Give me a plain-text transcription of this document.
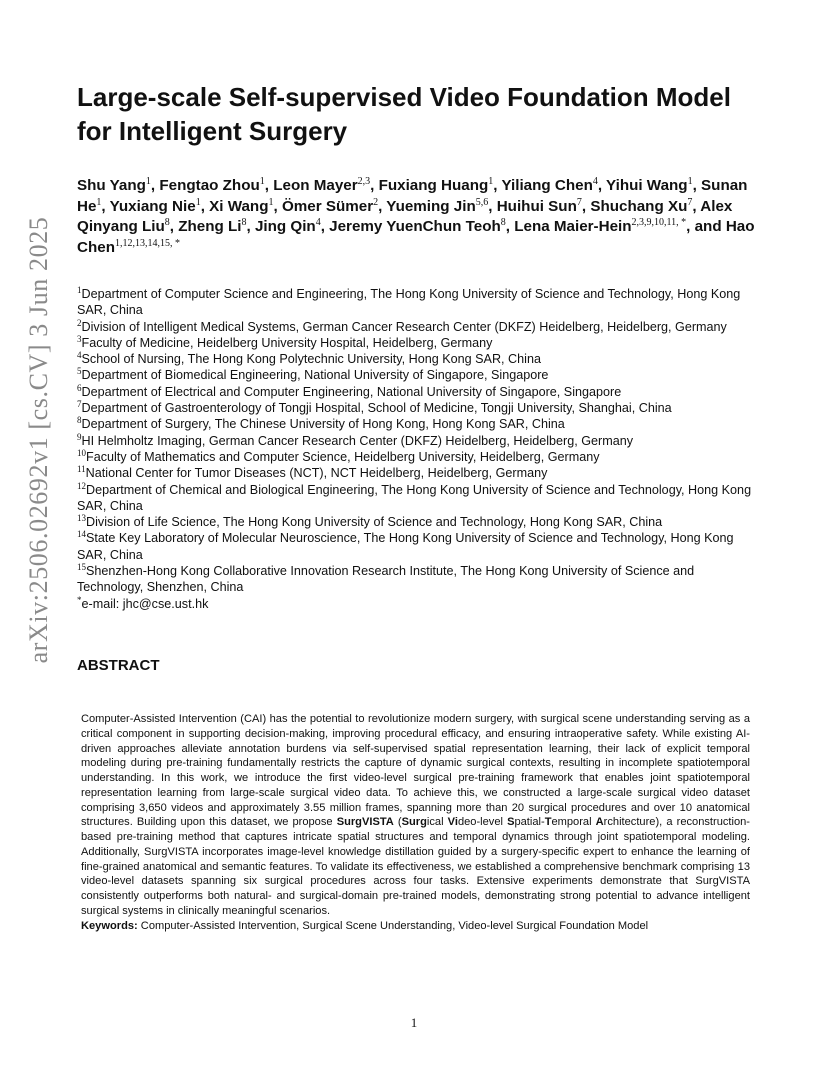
arXiv:2506.02692v1 [cs.CV] 3 Jun 2025
Large-scale Self-supervised Video Foundation Model
for Intelligent Surgery
Shu Yang$^1$, Fengtao Zhou$^1$, Leon Mayer$^{2,3}$, Fuxiang Huang$^1$, Yiliang Chen$^4$, Yihui Wang$^1$, Sunan He$^1$, Yuxiang Nie$^1$, Xi Wang$^1$, Ömer Sümer$^2$, Yueming Jin$^{5,6}$, Huihui Sun$^7$, Shuchang Xu$^7$, Alex Qinyang Liu$^8$, Zheng Li$^8$, Jing Qin$^4$, Jeremy YuenChun Teoh$^8$, Lena Maier-Hein$^{2,3,9,10,11, *}$, and Hao Chen$^{1,12,13,14,15, *}$
$^1$Department of Computer Science and Engineering, The Hong Kong University of Science and Technology, Hong Kong SAR, China
$^2$Division of Intelligent Medical Systems, German Cancer Research Center (DKFZ) Heidelberg, Heidelberg, Germany
$^3$Faculty of Medicine, Heidelberg University Hospital, Heidelberg, Germany
$^4$School of Nursing, The Hong Kong Polytechnic University, Hong Kong SAR, China
$^5$Department of Biomedical Engineering, National University of Singapore, Singapore
$^6$Department of Electrical and Computer Engineering, National University of Singapore, Singapore
$^7$Department of Gastroenterology of Tongji Hospital, School of Medicine, Tongji University, Shanghai, China
$^8$Department of Surgery, The Chinese University of Hong Kong, Hong Kong SAR, China
$^9$HI Helmholtz Imaging, German Cancer Research Center (DKFZ) Heidelberg, Heidelberg, Germany
$^{10}$Faculty of Mathematics and Computer Science, Heidelberg University, Heidelberg, Germany
$^{11}$National Center for Tumor Diseases (NCT), NCT Heidelberg, Heidelberg, Germany
$^{12}$Department of Chemical and Biological Engineering, The Hong Kong University of Science and Technology, Hong Kong SAR, China
$^{13}$Division of Life Science, The Hong Kong University of Science and Technology, Hong Kong SAR, China
$^{14}$State Key Laboratory of Molecular Neuroscience, The Hong Kong University of Science and Technology, Hong Kong SAR, China
$^{15}$Shenzhen-Hong Kong Collaborative Innovation Research Institute, The Hong Kong University of Science and Technology, Shenzhen, China
*e-mail: jhc@cse.ust.hk
ABSTRACT
Computer-Assisted Intervention (CAI) has the potential to revolutionize modern surgery, with surgical scene understanding serving as a critical component in supporting decision-making, improving procedural efficacy, and ensuring intraoperative safety. While existing AI-driven approaches alleviate annotation burdens via self-supervised spatial representation learning, their lack of explicit temporal modeling during pre-training fundamentally restricts the capture of dynamic surgical contexts, resulting in incomplete spatiotemporal understanding. In this work, we introduce the first video-level surgical pre-training framework that enables joint spatiotemporal representation learning from large-scale surgical video data. To achieve this, we constructed a large-scale surgical video dataset comprising 3,650 videos and approximately 3.55 million frames, spanning more than 20 surgical procedures and over 10 anatomical structures. Building upon this dataset, we propose SurgVISTA (Surgical Video-level Spatial-Temporal Architecture), a reconstruction-based pre-training method that captures intricate spatial structures and temporal dynamics through joint spatiotemporal modeling. Additionally, SurgVISTA incorporates image-level knowledge distillation guided by a surgery-specific expert to enhance the learning of fine-grained anatomical and semantic features. To validate its effectiveness, we established a comprehensive benchmark comprising 13 video-level datasets spanning six surgical procedures across four tasks. Extensive experiments demonstrate that SurgVISTA consistently outperforms both natural- and surgical-domain pre-trained models, demonstrating strong potential to advance intelligent surgical systems in clinically meaningful scenarios.
Keywords: Computer-Assisted Intervention, Surgical Scene Understanding, Video-level Surgical Foundation Model
1
